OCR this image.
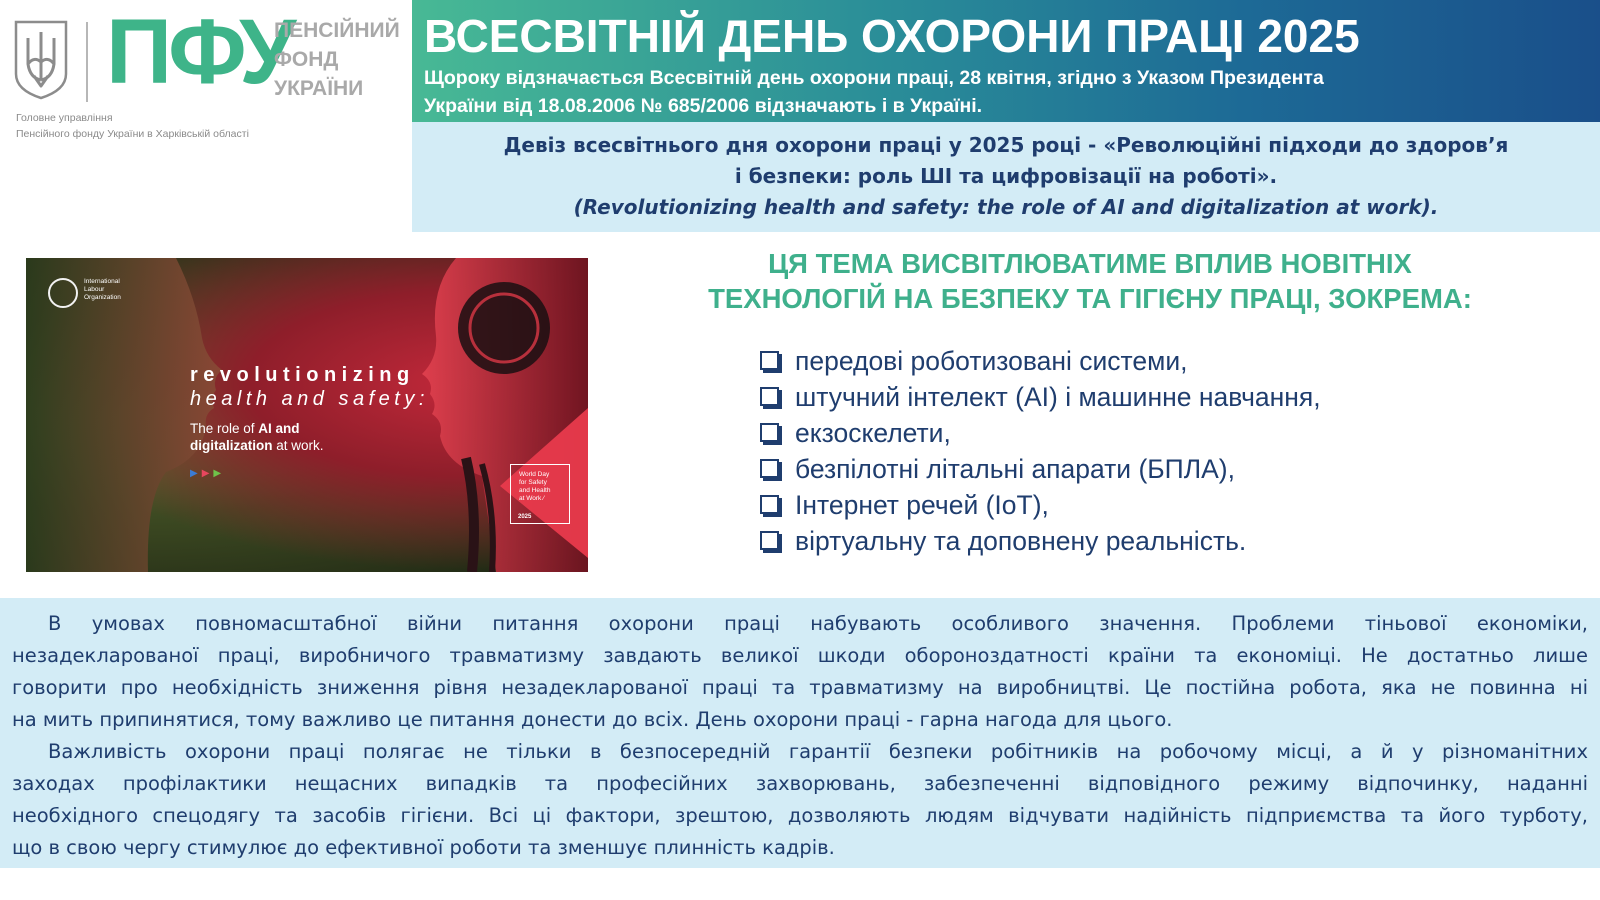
ПФУ
ПЕНСІЙНИЙ
ФОНД
УКРАЇНИ
Головне управління
Пенсійного фонду України в Харківській області
ВСЕСВІТНІЙ ДЕНЬ ОХОРОНИ ПРАЦІ 2025
Щороку відзначається Всесвітній день охорони праці, 28 квітня, згідно з Указом Президента
України від 18.08.2006 № 685/2006 відзначають і в Україні.
Девіз всесвітнього дня охорони праці у 2025 році - «Революційні підходи до здоров’я
і безпеки: роль ШІ та цифровізації на роботі».
(Revolutionizing health and safety: the role of AI and digitalization at work).
International
Labour
Organization
revolutionizing
health and safety:
The role of AI and
digitalization at work.
▶▶▶	World Day
for Safety
and Health
at Work ⁄
2025
ЦЯ ТЕМА ВИСВІТЛЮВАТИМЕ ВПЛИВ НОВІТНІХ
ТЕХНОЛОГІЙ НА БЕЗПЕКУ ТА ГІГІЄНУ ПРАЦІ, ЗОКРЕМА:
передові роботизовані системи,
штучний інтелект (AI) і машинне навчання,
екзоскелети,
безпілотні літальні апарати (БПЛА),
Інтернет речей (IoT),
віртуальну та доповнену реальність.
В умовах повномасштабної війни питання охорони праці набувають особливого значення. Проблеми тіньової економіки,
незадекларованої праці, виробничого травматизму завдають великої шкоди обороноздатності країни та економіці. Не достатньо лише
говорити про необхідність зниження рівня незадекларованої праці та травматизму на виробництві. Це постійна робота, яка не повинна ні
на мить припинятися, тому важливо це питання донести до всіх. День охорони праці - гарна нагода для цього.
Важливість охорони праці полягає не тільки в безпосередній гарантії безпеки робітників на робочому місці, а й у різноманітних
заходах профілактики нещасних випадків та професійних захворювань, забезпеченні відповідного режиму відпочинку, наданні
необхідного спецодягу та засобів гігієни. Всі ці фактори, зрештою, дозволяють людям відчувати надійність підприємства та його турботу,
що в свою чергу стимулює до ефективної роботи та зменшує плинність кадрів.
